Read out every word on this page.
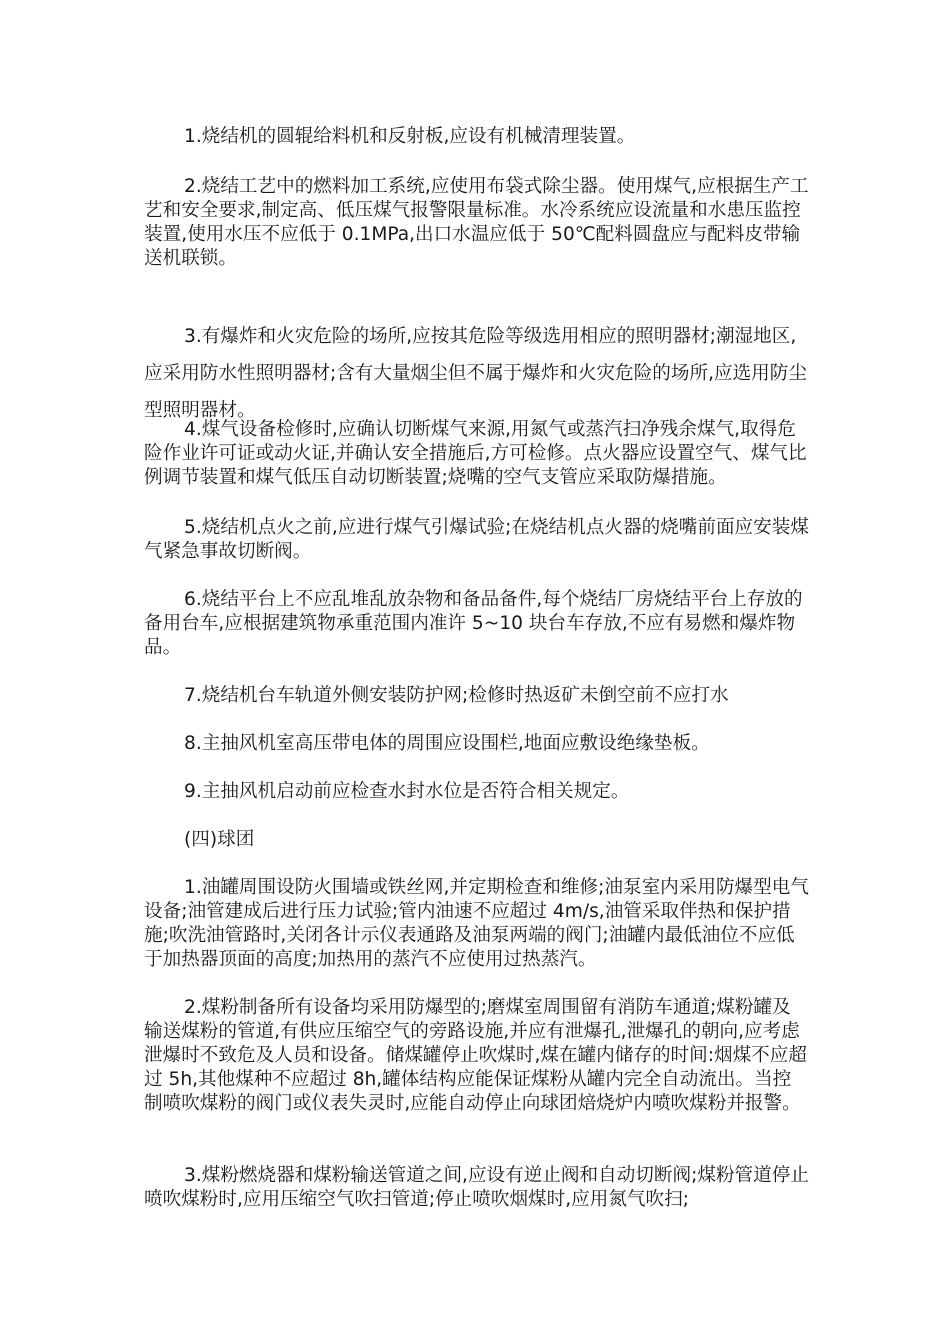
1.烧结机的圆辊给料机和反射板,应设有机械清理装置。

2.烧结工艺中的燃料加工系统,应使用布袋式除尘器。使用煤气,应根据生产工艺和安全要求,制定高、低压煤气报警限量标准。水冷系统应设流量和水患压监控装置,使用水压不应低于 0.1MPa,出口水温应低于 50℃配料圆盘应与配料皮带输送机联锁。

3.有爆炸和火灾危险的场所,应按其危险等级选用相应的照明器材;潮湿地区,应采用防水性照明器材;含有大量烟尘但不属于爆炸和火灾危险的场所,应选用防尘型照明器材。

4.煤气设备检修时,应确认切断煤气来源,用氮气或蒸汽扫净残余煤气,取得危险作业许可证或动火证,并确认安全措施后,方可检修。点火器应设置空气、煤气比例调节装置和煤气低压自动切断装置;烧嘴的空气支管应采取防爆措施。

5.烧结机点火之前,应进行煤气引爆试验;在烧结机点火器的烧嘴前面应安装煤气紧急事故切断阀。

6.烧结平台上不应乱堆乱放杂物和备品备件,每个烧结厂房烧结平台上存放的备用台车,应根据建筑物承重范围内准许 5~10 块台车存放,不应有易燃和爆炸物品。

7.烧结机台车轨道外侧安装防护网;检修时热返矿未倒空前不应打水

8.主抽风机室高压带电体的周围应设围栏,地面应敷设绝缘垫板。

9.主抽风机启动前应检查水封水位是否符合相关规定。

(四)球团

1.油罐周围设防火围墙或铁丝网,并定期检查和维修;油泵室内采用防爆型电气设备;油管建成后进行压力试验;管内油速不应超过 4m/s,油管采取伴热和保护措施;吹洗油管路时,关闭各计示仪表通路及油泵两端的阀门;油罐内最低油位不应低于加热器顶面的高度;加热用的蒸汽不应使用过热蒸汽。

2.煤粉制备所有设备均采用防爆型的;磨煤室周围留有消防车通道;煤粉罐及输送煤粉的管道,有供应压缩空气的旁路设施,并应有泄爆孔,泄爆孔的朝向,应考虑泄爆时不致危及人员和设备。储煤罐停止吹煤时,煤在罐内储存的时间:烟煤不应超过 5h,其他煤种不应超过 8h,罐体结构应能保证煤粉从罐内完全自动流出。当控制喷吹煤粉的阀门或仪表失灵时,应能自动停止向球团焙烧炉内喷吹煤粉并报警。

3.煤粉燃烧器和煤粉输送管道之间,应设有逆止阀和自动切断阀;煤粉管道停止喷吹煤粉时,应用压缩空气吹扫管道;停止喷吹烟煤时,应用氮气吹扫;
